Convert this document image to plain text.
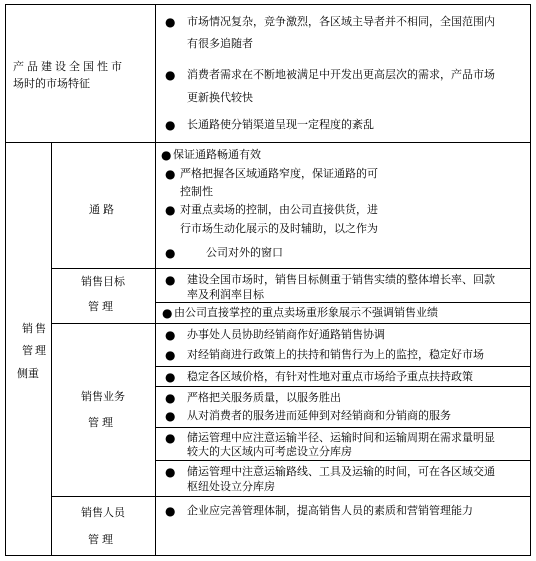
产品建设全国性市
场时的市场特征
● 市场情况复杂，竞争激烈，各区域主导者并不相同，全国范围内
有很多追随者
● 消费者需求在不断地被满足中开发出更高层次的需求，产品市场
更新换代较快
● 长通路使分销渠道呈现一定程度的紊乱
销 售
管 理
侧重
通路
● 保证通路畅通有效
● 严格把握各区域通路窄度，保证通路的可
控制性
● 对重点卖场的控制，由公司直接供货，进
行市场生动化展示的及时辅助，以之作为
●	公司对外的窗口
销售目标
管理
● 建设全国市场时，销售目标侧重于销售实绩的整体增长率、回款
率及利润率目标
● 由公司直接掌控的重点卖场重形象展示不强调销售业绩
销售业务
管理
● 办事处人员协助经销商作好通路销售协调
● 对经销商进行政策上的扶持和销售行为上的监控，稳定好市场
● 稳定各区域价格，有针对性地对重点市场给予重点扶持政策
● 严格把关服务质量，以服务胜出
● 从对消费者的服务进而延伸到对经销商和分销商的服务
● 储运管理中应注意运输半径、运输时间和运输周期在需求量明显
较大的大区域内可考虑设立分库房
● 储运管理中注意运输路线、工具及运输的时间，可在各区域交通
枢纽处设立分库房
销售人员
管理
● 企业应完善管理体制，提高销售人员的素质和营销管理能力
